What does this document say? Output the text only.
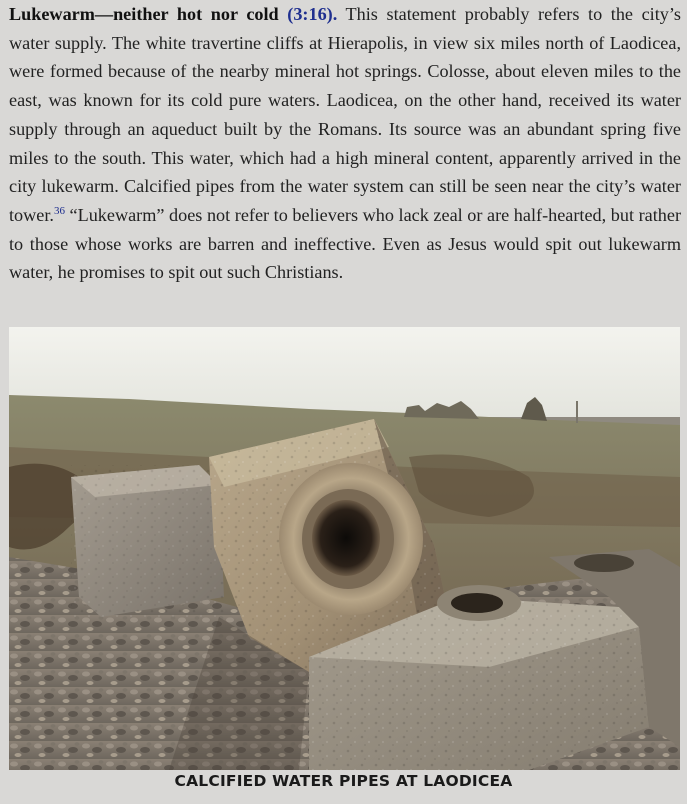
Lukewarm—neither hot nor cold (3:16). This statement probably refers to the city’s water supply. The white travertine cliffs at Hierapolis, in view six miles north of Laodicea, were formed because of the nearby mineral hot springs. Colosse, about eleven miles to the east, was known for its cold pure waters. Laodicea, on the other hand, received its water supply through an aqueduct built by the Romans. Its source was an abundant spring five miles to the south. This water, which had a high mineral content, apparently arrived in the city lukewarm. Calcified pipes from the water system can still be seen near the city’s water tower.$^{36}$ “Lukewarm” does not refer to believers who lack zeal or are half-hearted, but rather to those whose works are barren and ineffective. Even as Jesus would spit out lukewarm water, he promises to spit out such Christians.

CALCIFIED WATER PIPES AT LAODICEA
